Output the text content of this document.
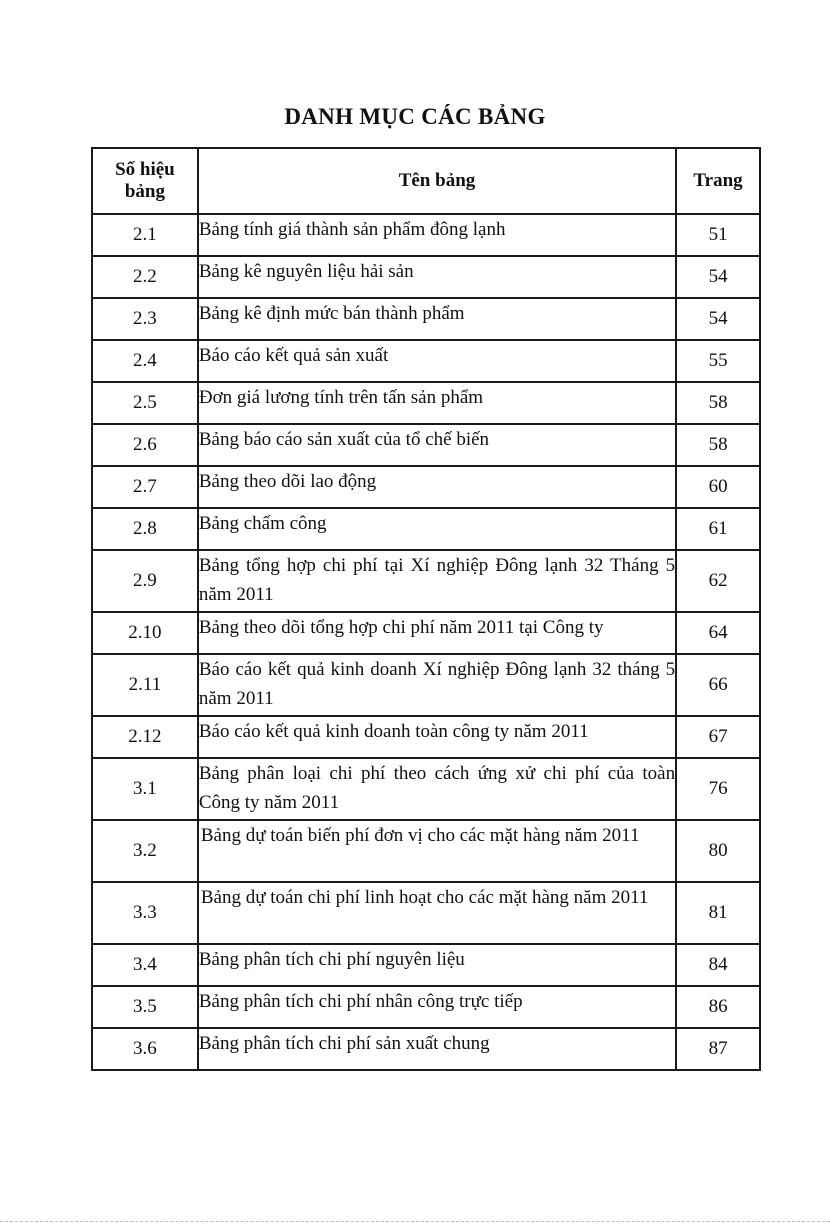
DANH MỤC CÁC BẢNG
Số hiệu bảng	Tên bảng	Trang
2.1	Bảng tính giá thành sản phẩm đông lạnh	51
2.2	Bảng kê nguyên liệu hải sản	54
2.3	Bảng kê định mức bán thành phẩm	54
2.4	Báo cáo kết quả sản xuất	55
2.5	Đơn giá lương tính trên tấn sản phẩm	58
2.6	Bảng báo cáo sản xuất của tổ chế biến	58
2.7	Bảng theo dõi lao động	60
2.8	Bảng chấm công	61
2.9	Bảng tổng hợp chi phí tại Xí nghiệp Đông lạnh 32 Tháng 5 năm 2011	62
2.10	Bảng theo dõi tổng hợp chi phí năm 2011 tại Công ty	64
2.11	Báo cáo kết quả kinh doanh Xí nghiệp Đông lạnh 32 tháng 5 năm 2011	66
2.12	Báo cáo kết quả kinh doanh toàn công ty năm 2011	67
3.1	Bảng phân loại chi phí theo cách ứng xử chi phí của toàn Công ty năm 2011	76
3.2	Bảng dự toán biến phí đơn vị cho các mặt hàng năm 2011	80
3.3	Bảng dự toán chi phí linh hoạt cho các mặt hàng năm 2011	81
3.4	Bảng phân tích chi phí nguyên liệu	84
3.5	Bảng phân tích chi phí nhân công trực tiếp	86
3.6	Bảng phân tích chi phí sản xuất chung	87
